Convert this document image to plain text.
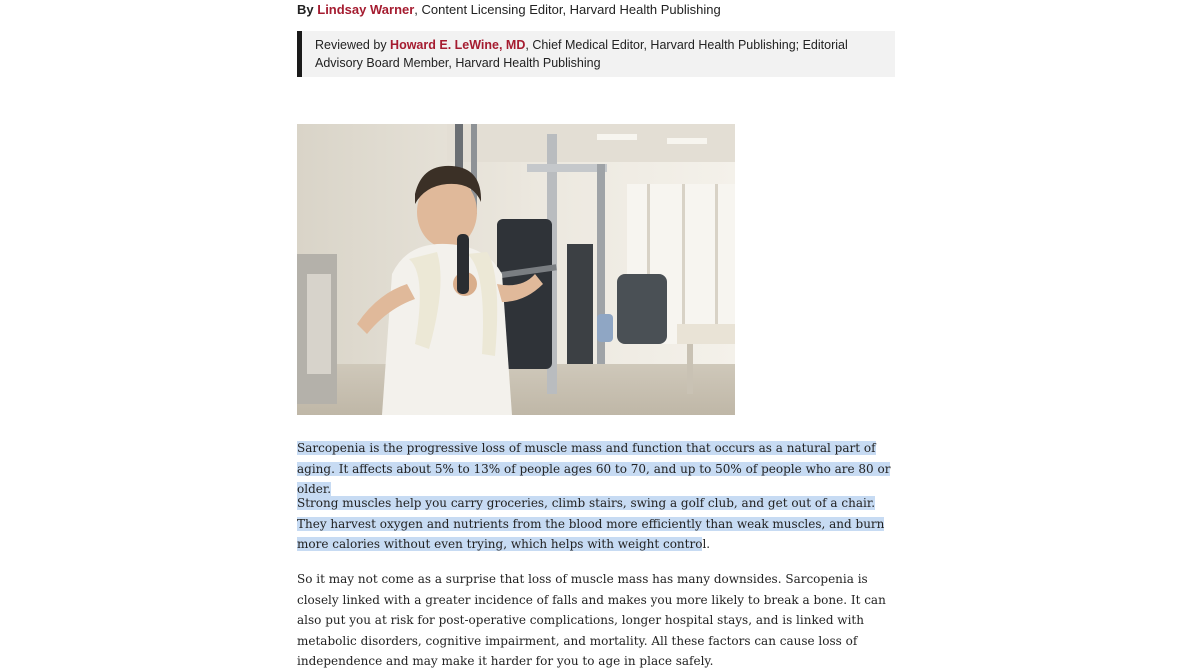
By Lindsay Warner, Content Licensing Editor, Harvard Health Publishing
Reviewed by Howard E. LeWine, MD, Chief Medical Editor, Harvard Health Publishing; Editorial Advisory Board Member, Harvard Health Publishing
Sarcopenia is the progressive loss of muscle mass and function that occurs as a natural part of aging. It affects about 5% to 13% of people ages 60 to 70, and up to 50% of people who are 80 or older.
Strong muscles help you carry groceries, climb stairs, swing a golf club, and get out of a chair. They harvest oxygen and nutrients from the blood more efficiently than weak muscles, and burn more calories without even trying, which helps with weight control.
So it may not come as a surprise that loss of muscle mass has many downsides. Sarcopenia is closely linked with a greater incidence of falls and makes you more likely to break a bone. It can also put you at risk for post-operative complications, longer hospital stays, and is linked with metabolic disorders, cognitive impairment, and mortality. All these factors can cause loss of independence and may make it harder for you to age in place safely.
